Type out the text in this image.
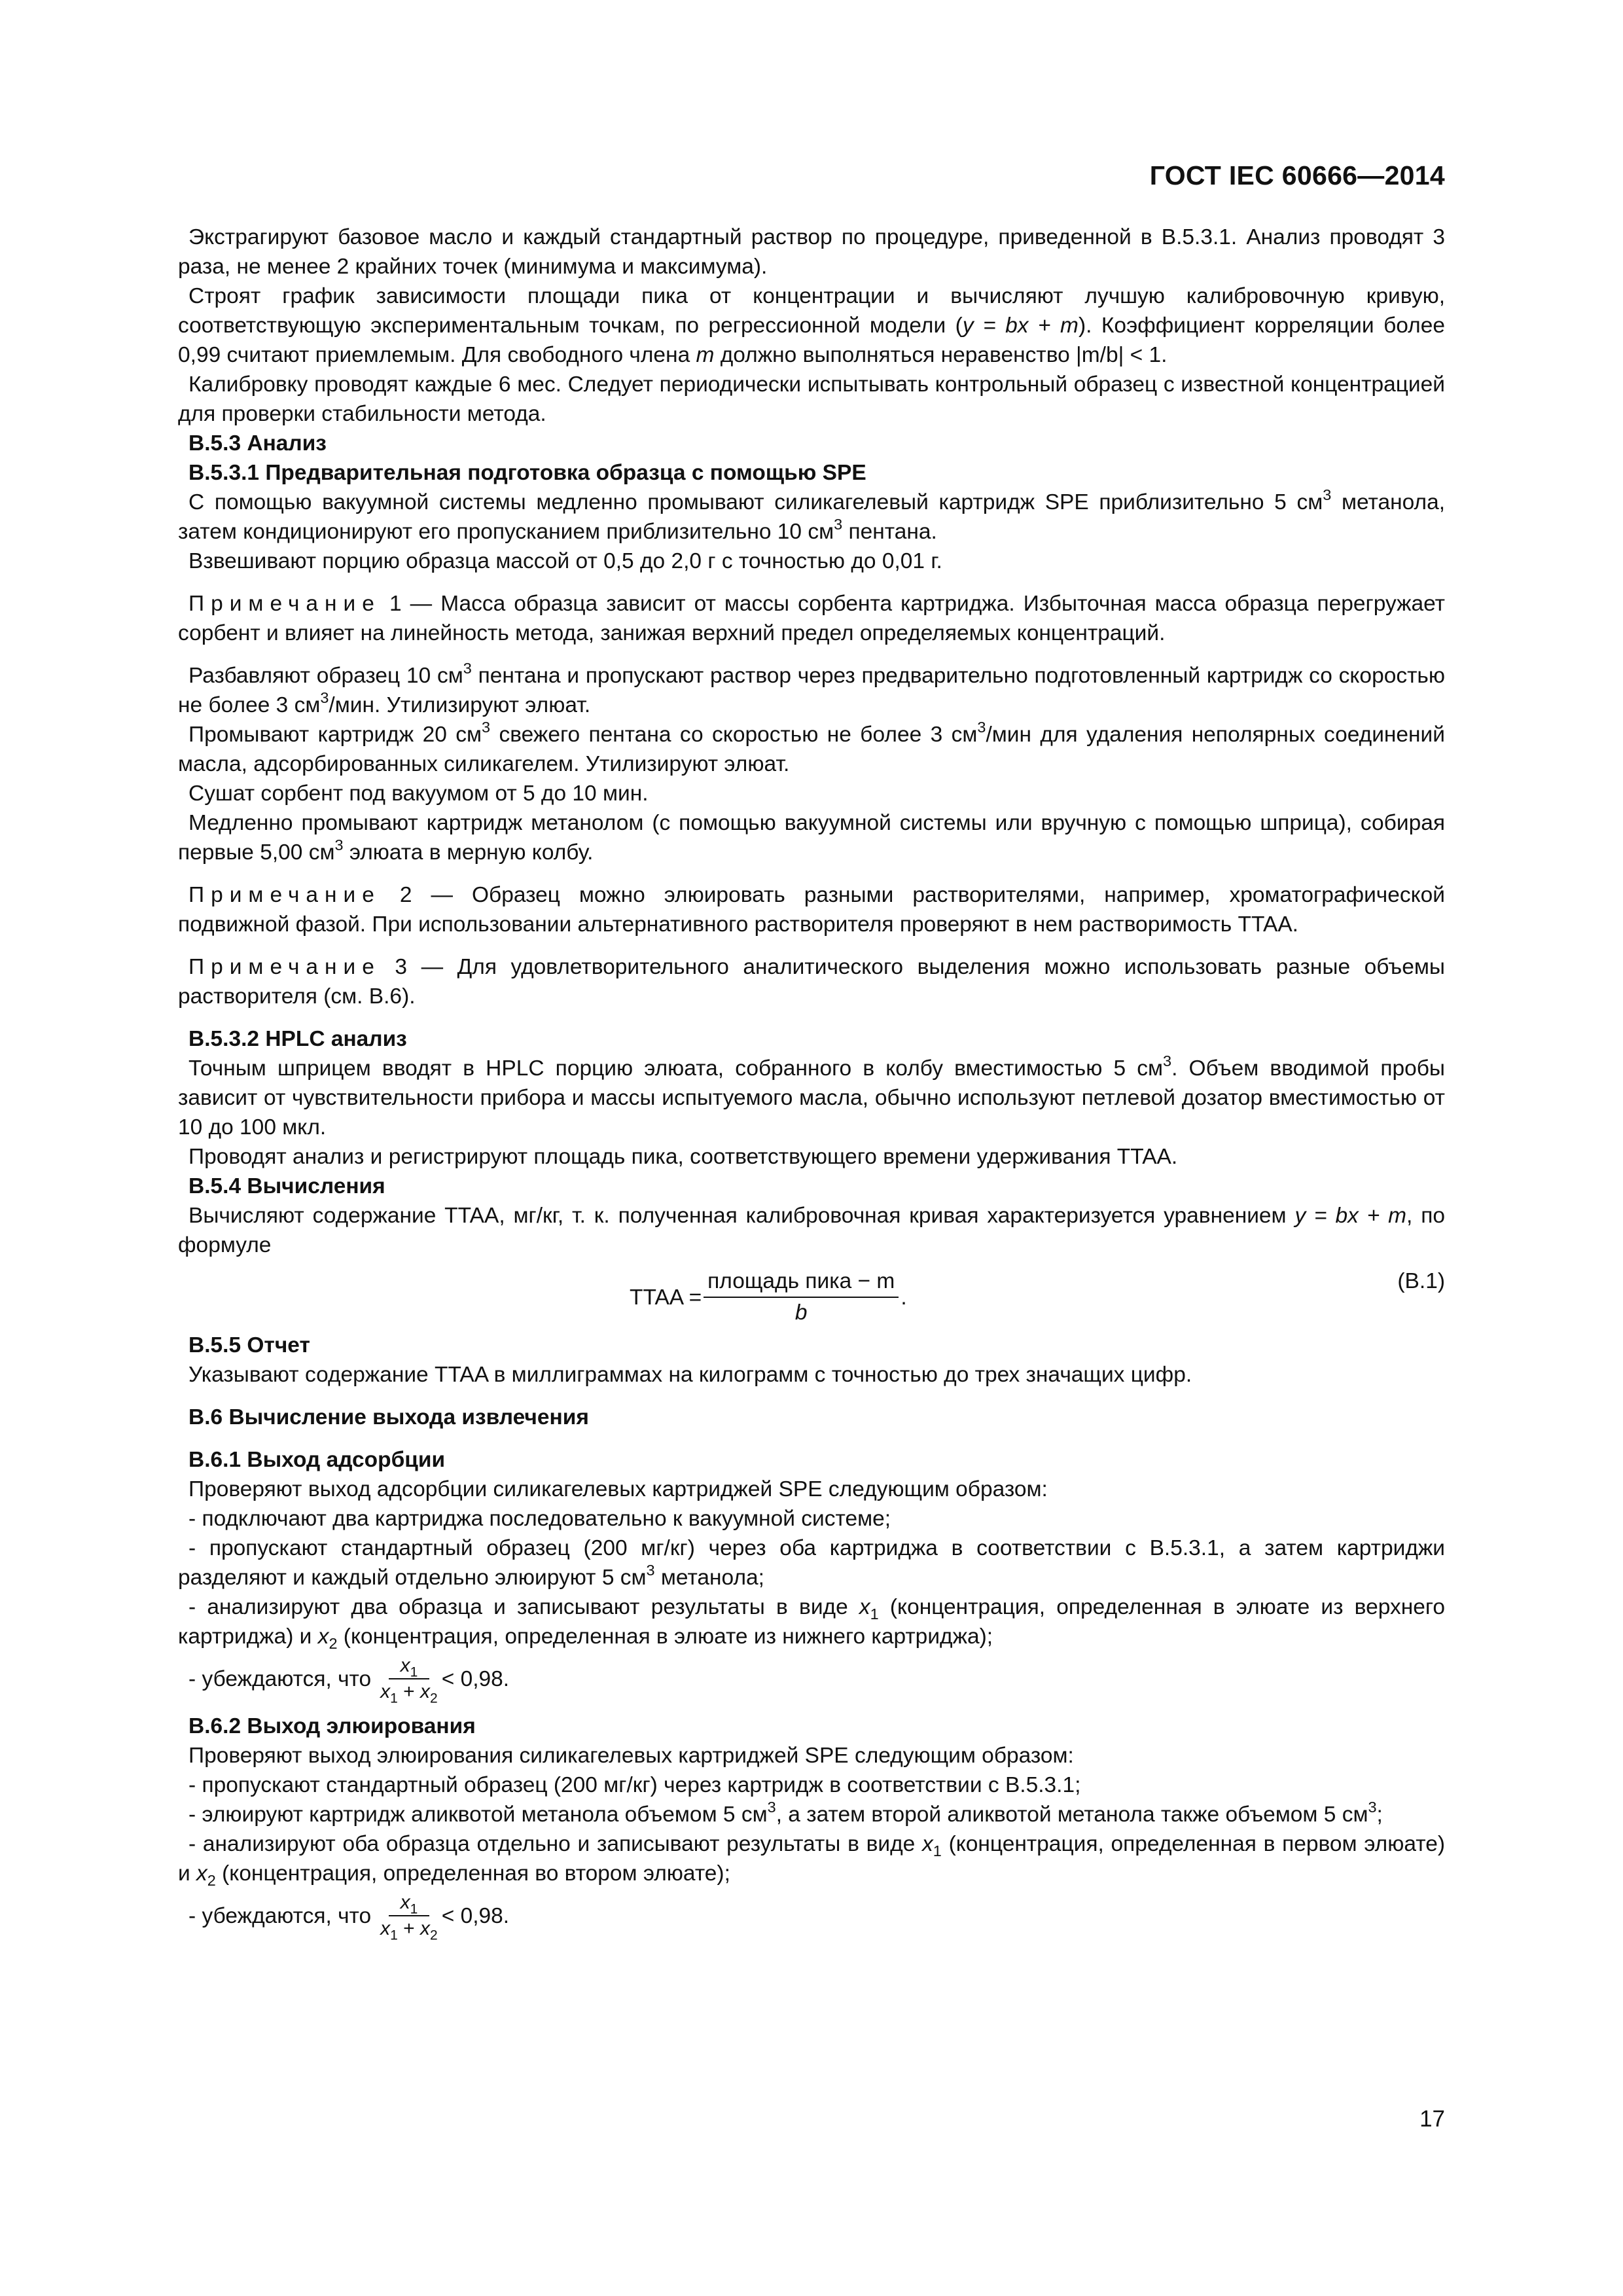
ГОСТ IEC 60666—2014

Экстрагируют базовое масло и каждый стандартный раствор по процедуре, приведенной в B.5.3.1. Анализ проводят 3 раза, не менее 2 крайних точек (минимума и максимума).

Строят график зависимости площади пика от концентрации и вычисляют лучшую калибровочную кривую, соответствующую экспериментальным точкам, по регрессионной модели (y = bx + m). Коэффициент корреляции более 0,99 считают приемлемым. Для свободного члена m должно выполняться неравенство |m/b| < 1.

Калибровку проводят каждые 6 мес. Следует периодически испытывать контрольный образец с известной концентрацией для проверки стабильности метода.

B.5.3 Анализ

B.5.3.1 Предварительная подготовка образца с помощью SPE

С помощью вакуумной системы медленно промывают силикагелевый картридж SPE приблизительно 5 $см^3$ метанола, затем кондиционируют его пропусканием приблизительно 10 $см^3$ пентана.

Взвешивают порцию образца массой от 0,5 до 2,0 г с точностью до 0,01 г.

Примечание 1 — Масса образца зависит от массы сорбента картриджа. Избыточная масса образца перегружает сорбент и влияет на линейность метода, занижая верхний предел определяемых концентраций.

Разбавляют образец 10 $см^3$ пентана и пропускают раствор через предварительно подготовленный картридж со скоростью не более 3 $см^3$/мин. Утилизируют элюат.

Промывают картридж 20 $см^3$ свежего пентана со скоростью не более 3 $см^3$/мин для удаления неполярных соединений масла, адсорбированных силикагелем. Утилизируют элюат.

Сушат сорбент под вакуумом от 5 до 10 мин.

Медленно промывают картридж метанолом (с помощью вакуумной системы или вручную с помощью шприца), собирая первые 5,00 $см^3$ элюата в мерную колбу.

Примечание 2 — Образец можно элюировать разными растворителями, например, хроматографической подвижной фазой. При использовании альтернативного растворителя проверяют в нем растворимость TTAA.

Примечание 3 — Для удовлетворительного аналитического выделения можно использовать разные объемы растворителя (см. B.6).

B.5.3.2 HPLC анализ

Точным шприцем вводят в HPLC порцию элюата, собранного в колбу вместимостью 5 $см^3$. Объем вводимой пробы зависит от чувствительности прибора и массы испытуемого масла, обычно используют петлевой дозатор вместимостью от 10 до 100 мкл.

Проводят анализ и регистрируют площадь пика, соответствующего времени удерживания TTAA.

B.5.4 Вычисления

Вычисляют содержание TTAA, мг/кг, т. к. полученная калибровочная кривая характеризуется уравнением y = bx + m, по формуле

TTAA = $\frac{\text{площадь пика − m}}{b}$ .
(B.1)

B.5.5 Отчет

Указывают содержание TTAA в миллиграммах на килограмм с точностью до трех значащих цифр.

B.6 Вычисление выхода извлечения

B.6.1 Выход адсорбции

Проверяют выход адсорбции силикагелевых картриджей SPE следующим образом:

- подключают два картриджа последовательно к вакуумной системе;

- пропускают стандартный образец (200 мг/кг) через оба картриджа в соответствии с B.5.3.1, а затем картриджи разделяют и каждый отдельно элюируют 5 $см^3$ метанола;

- анализируют два образца и записывают результаты в виде $x_1$ (концентрация, определенная в элюате из верхнего картриджа) и $x_2$ (концентрация, определенная в элюате из нижнего картриджа);

- убеждаются, что $\frac{x_1}{x_1 + x_2} < 0,98$.

B.6.2 Выход элюирования

Проверяют выход элюирования силикагелевых картриджей SPE следующим образом:

- пропускают стандартный образец (200 мг/кг) через картридж в соответствии с B.5.3.1;

- элюируют картридж аликвотой метанола объемом 5 $см^3$, а затем второй аликвотой метанола также объемом 5 $см^3$;

- анализируют оба образца отдельно и записывают результаты в виде $x_1$ (концентрация, определенная в первом элюате) и $x_2$ (концентрация, определенная во втором элюате);

- убеждаются, что $\frac{x_1}{x_1 + x_2} < 0,98$.

17
